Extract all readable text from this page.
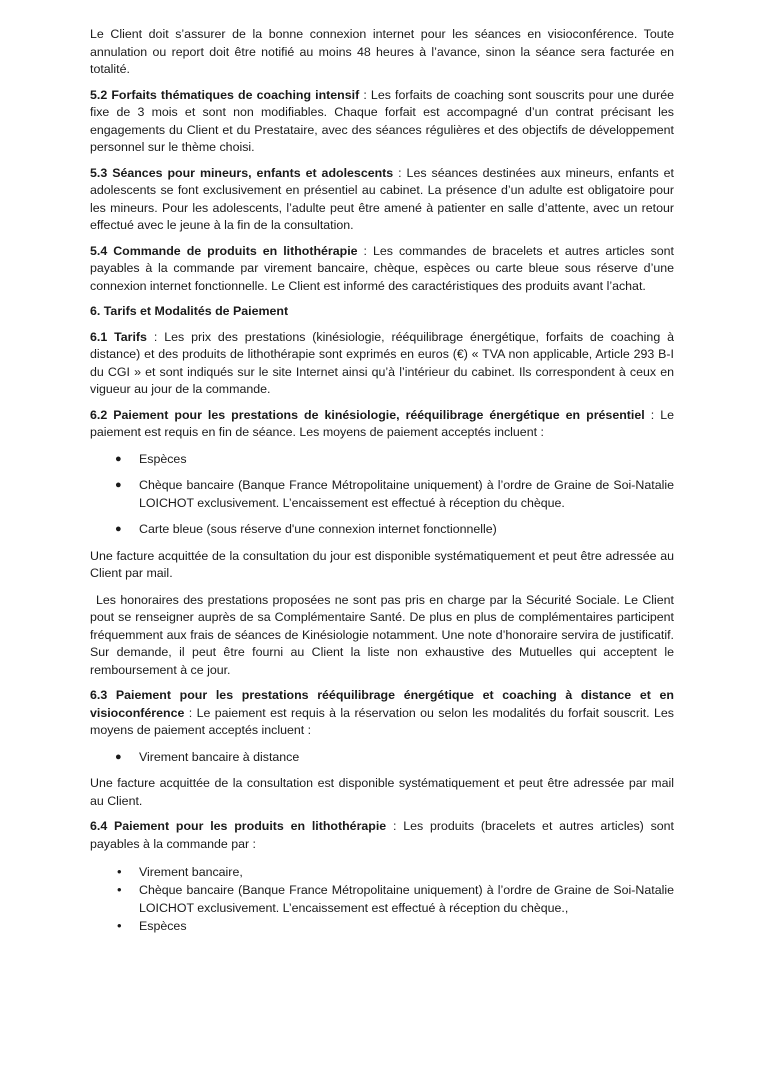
Le Client doit s’assurer de la bonne connexion internet pour les séances en visioconférence. Toute annulation ou report doit être notifié au moins 48 heures à l’avance, sinon la séance sera facturée en totalité.

5.2 Forfaits thématiques de coaching intensif : Les forfaits de coaching sont souscrits pour une durée fixe de 3 mois et sont non modifiables. Chaque forfait est accompagné d’un contrat précisant les engagements du Client et du Prestataire, avec des séances régulières et des objectifs de développement personnel sur le thème choisi.

5.3 Séances pour mineurs, enfants et adolescents : Les séances destinées aux mineurs, enfants et adolescents se font exclusivement en présentiel au cabinet. La présence d’un adulte est obligatoire pour les mineurs. Pour les adolescents, l’adulte peut être amené à patienter en salle d’attente, avec un retour effectué avec le jeune à la fin de la consultation.

5.4 Commande de produits en lithothérapie : Les commandes de bracelets et autres articles sont payables à la commande par virement bancaire, chèque, espèces ou carte bleue sous réserve d’une connexion internet fonctionnelle. Le Client est informé des caractéristiques des produits avant l’achat.

6. Tarifs et Modalités de Paiement

6.1 Tarifs : Les prix des prestations (kinésiologie, rééquilibrage énergétique, forfaits de coaching à distance) et des produits de lithothérapie sont exprimés en euros (€) « TVA non applicable, Article 293 B-I du CGI » et sont indiqués sur le site Internet ainsi qu’à l’intérieur du cabinet. Ils correspondent à ceux en vigueur au jour de la commande.

6.2 Paiement pour les prestations de kinésiologie, rééquilibrage énergétique en présentiel : Le paiement est requis en fin de séance. Les moyens de paiement acceptés incluent :

● Espèces
● Chèque bancaire (Banque France Métropolitaine uniquement) à l’ordre de Graine de Soi-Natalie LOICHOT exclusivement. L’encaissement est effectué à réception du chèque.
● Carte bleue (sous réserve d'une connexion internet fonctionnelle)

Une facture acquittée de la consultation du jour est disponible systématiquement et peut être adressée au Client par mail.

Les honoraires des prestations proposées ne sont pas pris en charge par la Sécurité Sociale. Le Client pout se renseigner auprès de sa Complémentaire Santé. De plus en plus de complémentaires participent fréquemment aux frais de séances de Kinésiologie notamment. Une note d’honoraire servira de justificatif. Sur demande, il peut être fourni au Client la liste non exhaustive des Mutuelles qui acceptent le remboursement à ce jour.

6.3 Paiement pour les prestations rééquilibrage énergétique et coaching à distance et en visioconférence : Le paiement est requis à la réservation ou selon les modalités du forfait souscrit. Les moyens de paiement acceptés incluent :

● Virement bancaire à distance

Une facture acquittée de la consultation est disponible systématiquement et peut être adressée par mail au Client.

6.4 Paiement pour les produits en lithothérapie : Les produits (bracelets et autres articles) sont payables à la commande par :

• Virement bancaire,
• Chèque bancaire (Banque France Métropolitaine uniquement) à l’ordre de Graine de Soi-Natalie LOICHOT exclusivement. L’encaissement est effectué à réception du chèque.,
• Espèces
